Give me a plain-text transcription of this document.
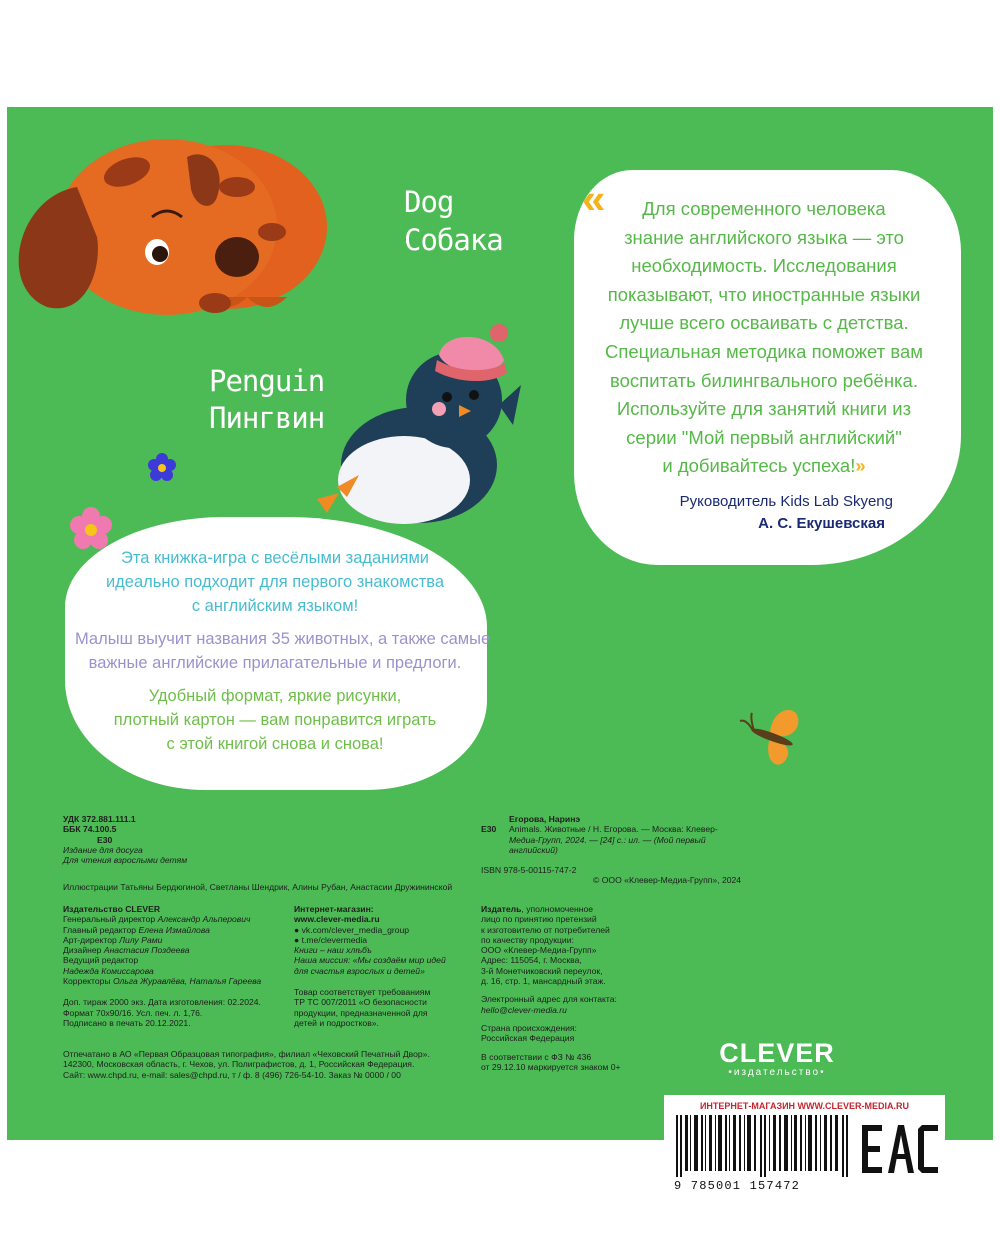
Dog
Собака
Penguin
Пингвин
«	Для современного человека
знание английского языка — это
необходимость. Исследования
показывают, что иностранные языки
лучше всего осваивать с детства.
Специальная методика поможет вам
воспитать билингвального ребёнка.
Используйте для занятий книги из
серии "Мой первый английский"
и добивайтесь успеха!»
Руководитель Kids Lab Skyeng
А. С. Екушевская
Эта книжка-игра с весёлыми заданиями
идеально подходит для первого знакомства
с английским языком!
Малыш выучит названия 35 животных, а также самые
важные английские прилагательные и предлоги.
Удобный формат, яркие рисунки,
плотный картон — вам понравится играть
с этой книгой снова и снова!
УДК 372.881.111.1
ББК 74.100.5
Е30
Издание для досуга
Для чтения взрослыми детям
Егорова, Наринэ
Е30 Animals. Животные / Н. Егорова. — Москва: Клевер-
Медиа-Групп, 2024. — [24] с.: ил. — (Мой первый
английский)
ISBN 978-5-00115-747-2
© ООО «Клевер-Медиа-Групп», 2024
Иллюстрации Татьяны Бердюгиной, Светланы Шендрик, Алины Рубан, Анастасии Дружининской
Издательство CLEVER
Генеральный директор Александр Альперович
Главный редактор Елена Измайлова
Арт-директор Лилу Рами
Дизайнер Анастасия Поздеева
Ведущий редактор
Надежда Комиссарова
Корректоры Ольга Журавлёва, Наталья Гареева
Доп. тираж 2000 экз. Дата изготовления: 02.2024.
Формат 70х90/16. Усл. печ. л. 1,76.
Подписано в печать 20.12.2021.
Отпечатано в АО «Первая Образцовая типография», филиал «Чеховский Печатный Двор».
142300, Московская область, г. Чехов, ул. Полиграфистов, д. 1, Российская Федерация.
Сайт: www.chpd.ru, e-mail: sales@chpd.ru, т / ф. 8 (496) 726-54-10. Заказ № 0000 / 00
Интернет-магазин:
www.clever-media.ru
● vk.com/clever_media_group
● t.me/clevermedia
Книги – наш хлѣбъ
Наша миссия: «Мы создаём мир идей
для счастья взрослых и детей»
Товар соответствует требованиям
ТР ТС 007/2011 «О безопасности
продукции, предназначенной для
детей и подростков».
Издатель, уполномоченное
лицо по принятию претензий
к изготовителю от потребителей
по качеству продукции:
ООО «Клевер-Медиа-Групп»
Адрес: 115054, г. Москва,
3-й Монетчиковский переулок,
д. 16, стр. 1, мансардный этаж.
Электронный адрес для контакта:
hello@clever-media.ru
Страна происхождения:
Российская Федерация
В соответствии с ФЗ № 436
от 29.12.10 маркируется знаком 0+	CLEVER
•издательство•
ИНТЕРНЕТ-МАГАЗИН WWW.CLEVER-MEDIA.RU
9 785001 157472
